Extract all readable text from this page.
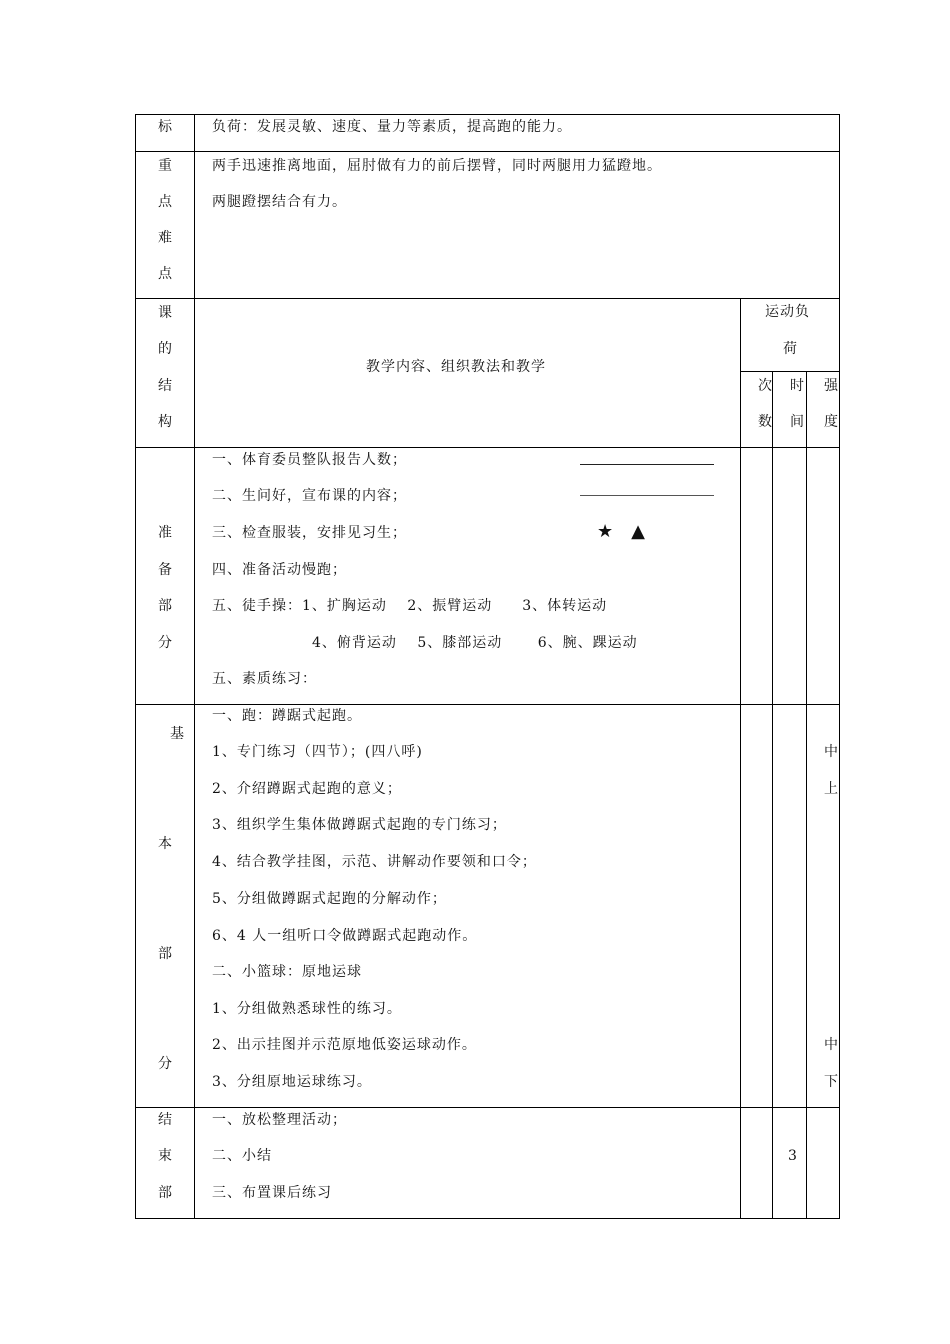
标	负荷：发展灵敏、速度、量力等素质，提高跑的能力。
重
点
难
点
两手迅速推离地面，屈肘做有力的前后摆臂，同时两腿用力猛蹬地。
两腿蹬摆结合有力。
课
的
结
构
教学内容、组织教法和教学
运动负
荷
次
数
时
间
强
度
准
备
部
分
一、体育委员整队报告人数；
二、生问好，宣布课的内容；
三、检查服装，安排见习生；
四、准备活动慢跑；
五、徒手操：1、扩胸运动　 2、振臂运动　　3、体转运动
4、俯背运动　 5、膝部运动　　 6、腕、踝运动
五、素质练习：
★　▲
基
本
部
分
一、跑：蹲踞式起跑。
1、专门练习（四节）；(四八呼)
2、介绍蹲踞式起跑的意义；
3、组织学生集体做蹲踞式起跑的专门练习；
4、结合教学挂图，示范、讲解动作要领和口令；
5、分组做蹲踞式起跑的分解动作；
6、4 人一组听口令做蹲踞式起跑动作。
二、小篮球：原地运球
1、分组做熟悉球性的练习。
2、出示挂图并示范原地低姿运球动作。
3、分组原地运球练习。
中
上
中
下
结
束
部
一、放松整理活动；
二、小结
三、布置课后练习
3
